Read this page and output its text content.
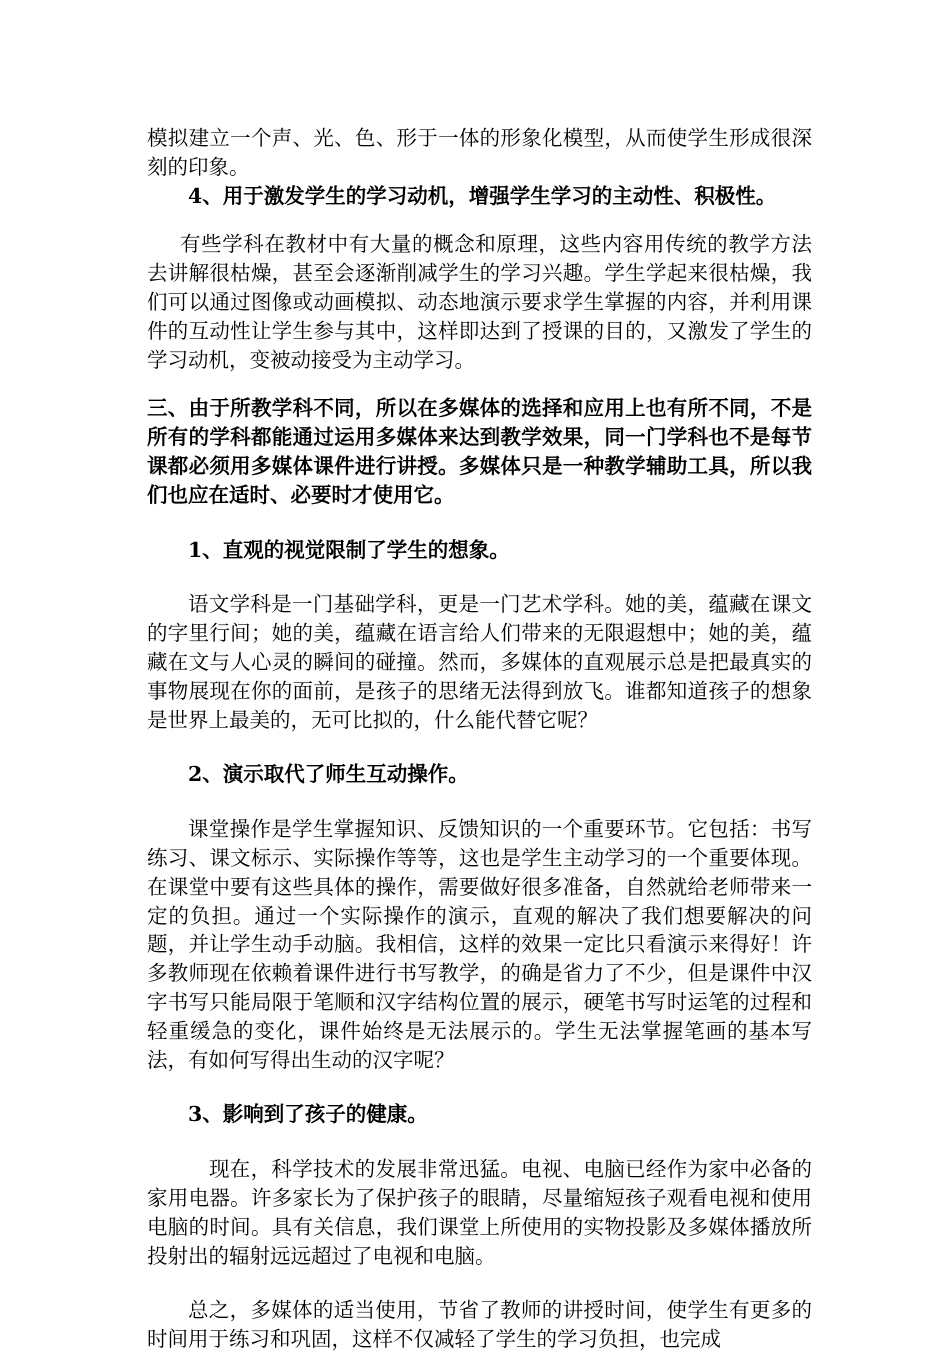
模拟建立一个声、光、色、形于一体的形象化模型，从而使学生形成很深刻的印象。

4、用于激发学生的学习动机，增强学生学习的主动性、积极性。

有些学科在教材中有大量的概念和原理，这些内容用传统的教学方法去讲解很枯燥，甚至会逐渐削减学生的学习兴趣。学生学起来很枯燥，我们可以通过图像或动画模拟、动态地演示要求学生掌握的内容，并利用课件的互动性让学生参与其中，这样即达到了授课的目的，又激发了学生的学习动机，变被动接受为主动学习。

三、由于所教学科不同，所以在多媒体的选择和应用上也有所不同，不是所有的学科都能通过运用多媒体来达到教学效果，同一门学科也不是每节课都必须用多媒体课件进行讲授。多媒体只是一种教学辅助工具，所以我们也应在适时、必要时才使用它。

1、直观的视觉限制了学生的想象。

语文学科是一门基础学科，更是一门艺术学科。她的美，蕴藏在课文的字里行间；她的美，蕴藏在语言给人们带来的无限遐想中；她的美，蕴藏在文与人心灵的瞬间的碰撞。然而，多媒体的直观展示总是把最真实的事物展现在你的面前，是孩子的思绪无法得到放飞。谁都知道孩子的想象是世界上最美的，无可比拟的，什么能代替它呢？

2、演示取代了师生互动操作。

课堂操作是学生掌握知识、反馈知识的一个重要环节。它包括：书写练习、课文标示、实际操作等等，这也是学生主动学习的一个重要体现。在课堂中要有这些具体的操作，需要做好很多准备，自然就给老师带来一定的负担。通过一个实际操作的演示，直观的解决了我们想要解决的问题，并让学生动手动脑。我相信，这样的效果一定比只看演示来得好！许多教师现在依赖着课件进行书写教学，的确是省力了不少，但是课件中汉字书写只能局限于笔顺和汉字结构位置的展示，硬笔书写时运笔的过程和轻重缓急的变化，课件始终是无法展示的。学生无法掌握笔画的基本写法，有如何写得出生动的汉字呢？

3、影响到了孩子的健康。

现在，科学技术的发展非常迅猛。电视、电脑已经作为家中必备的家用电器。许多家长为了保护孩子的眼睛，尽量缩短孩子观看电视和使用电脑的时间。具有关信息，我们课堂上所使用的实物投影及多媒体播放所投射出的辐射远远超过了电视和电脑。

总之，多媒体的适当使用，节省了教师的讲授时间，使学生有更多的时间用于练习和巩固，这样不仅减轻了学生的学习负担，也完成
